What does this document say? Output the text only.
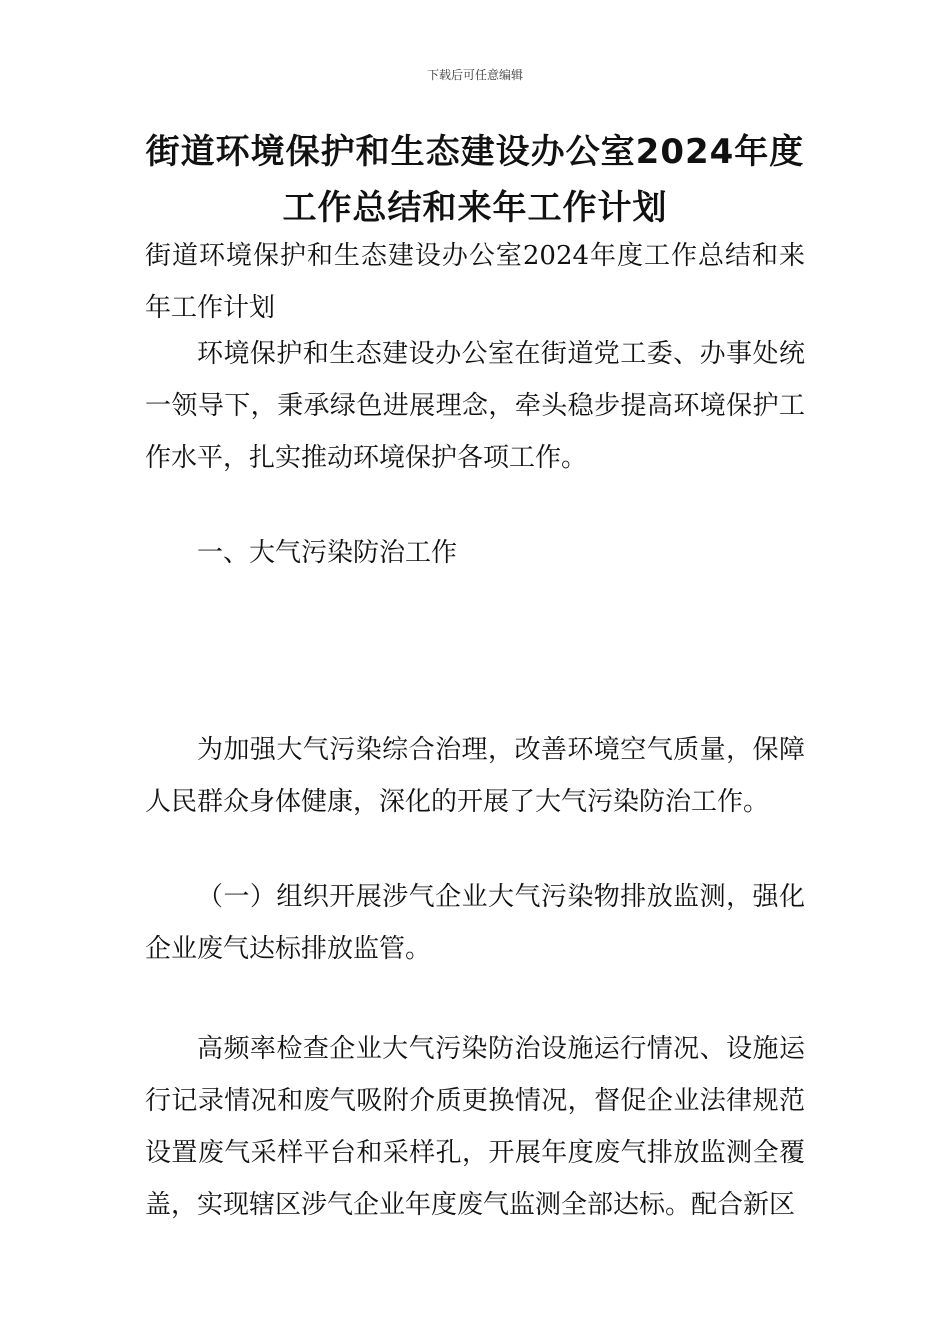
下载后可任意编辑
街道环境保护和生态建设办公室2024年度工作总结和来年工作计划
街道环境保护和生态建设办公室2024年度工作总结和来年工作计划
环境保护和生态建设办公室在街道党工委、办事处统一领导下，秉承绿色进展理念，牵头稳步提高环境保护工作水平，扎实推动环境保护各项工作。
一、大气污染防治工作
为加强大气污染综合治理，改善环境空气质量，保障人民群众身体健康，深化的开展了大气污染防治工作。
（一）组织开展涉气企业大气污染物排放监测，强化企业废气达标排放监管。
高频率检查企业大气污染防治设施运行情况、设施运行记录情况和废气吸附介质更换情况，督促企业法律规范设置废气采样平台和采样孔，开展年度废气排放监测全覆盖，实现辖区涉气企业年度废气监测全部达标。配合新区
